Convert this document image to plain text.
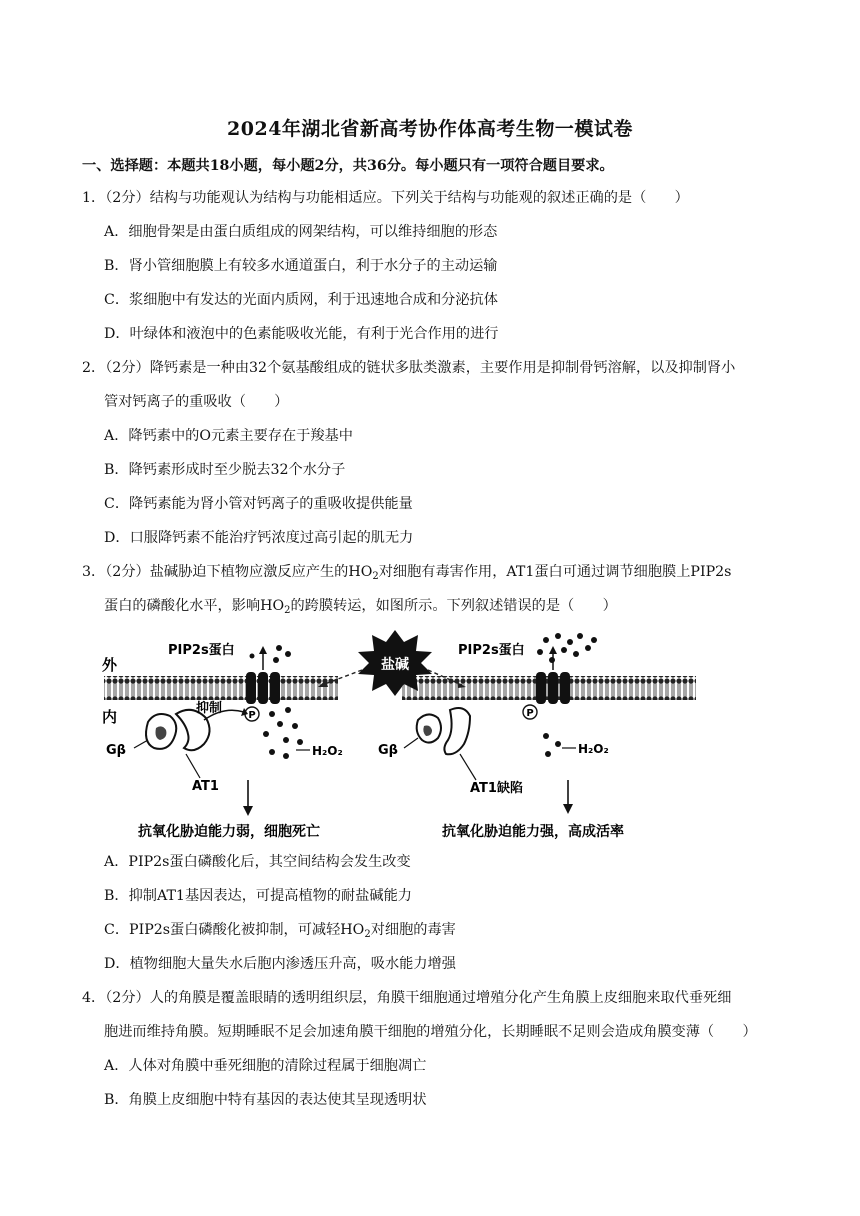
2024年湖北省新高考协作体高考生物一模试卷
一、选择题：本题共18小题，每小题2分，共36分。每小题只有一项符合题目要求。
1．（2分）结构与功能观认为结构与功能相适应。下列关于结构与功能观的叙述正确的是（　　）
A．细胞骨架是由蛋白质组成的网架结构，可以维持细胞的形态
B．肾小管细胞膜上有较多水通道蛋白，利于水分子的主动运输
C．浆细胞中有发达的光面内质网，利于迅速地合成和分泌抗体
D．叶绿体和液泡中的色素能吸收光能，有利于光合作用的进行
2．（2分）降钙素是一种由32个氨基酸组成的链状多肽类激素，主要作用是抑制骨钙溶解，以及抑制肾小
管对钙离子的重吸收（　　）
A．降钙素中的O元素主要存在于羧基中
B．降钙素形成时至少脱去32个水分子
C．降钙素能为肾小管对钙离子的重吸收提供能量
D．口服降钙素不能治疗钙浓度过高引起的肌无力
3．（2分）盐碱胁迫下植物应激反应产生的$HO_2$对细胞有毒害作用，AT1蛋白可通过调节细胞膜上PIP2s
蛋白的磷酸化水平，影响$HO_2$的跨膜转运，如图所示。下列叙述错误的是（　　）
外
内
盐碱
PIP2s蛋白
P
H₂O₂
Gβ
AT1
抑制
抗氧化胁迫能力弱，细胞死亡
PIP2s蛋白
P
H₂O₂
Gβ
AT1缺陷
抗氧化胁迫能力强，高成活率
A．PIP2s蛋白磷酸化后，其空间结构会发生改变
B．抑制AT1基因表达，可提高植物的耐盐碱能力
C．PIP2s蛋白磷酸化被抑制，可减轻$HO_2$对细胞的毒害
D．植物细胞大量失水后胞内渗透压升高，吸水能力增强
4．（2分）人的角膜是覆盖眼睛的透明组织层，角膜干细胞通过增殖分化产生角膜上皮细胞来取代垂死细
胞进而维持角膜。短期睡眠不足会加速角膜干细胞的增殖分化，长期睡眠不足则会造成角膜变薄（　　）
A．人体对角膜中垂死细胞的清除过程属于细胞凋亡
B．角膜上皮细胞中特有基因的表达使其呈现透明状
